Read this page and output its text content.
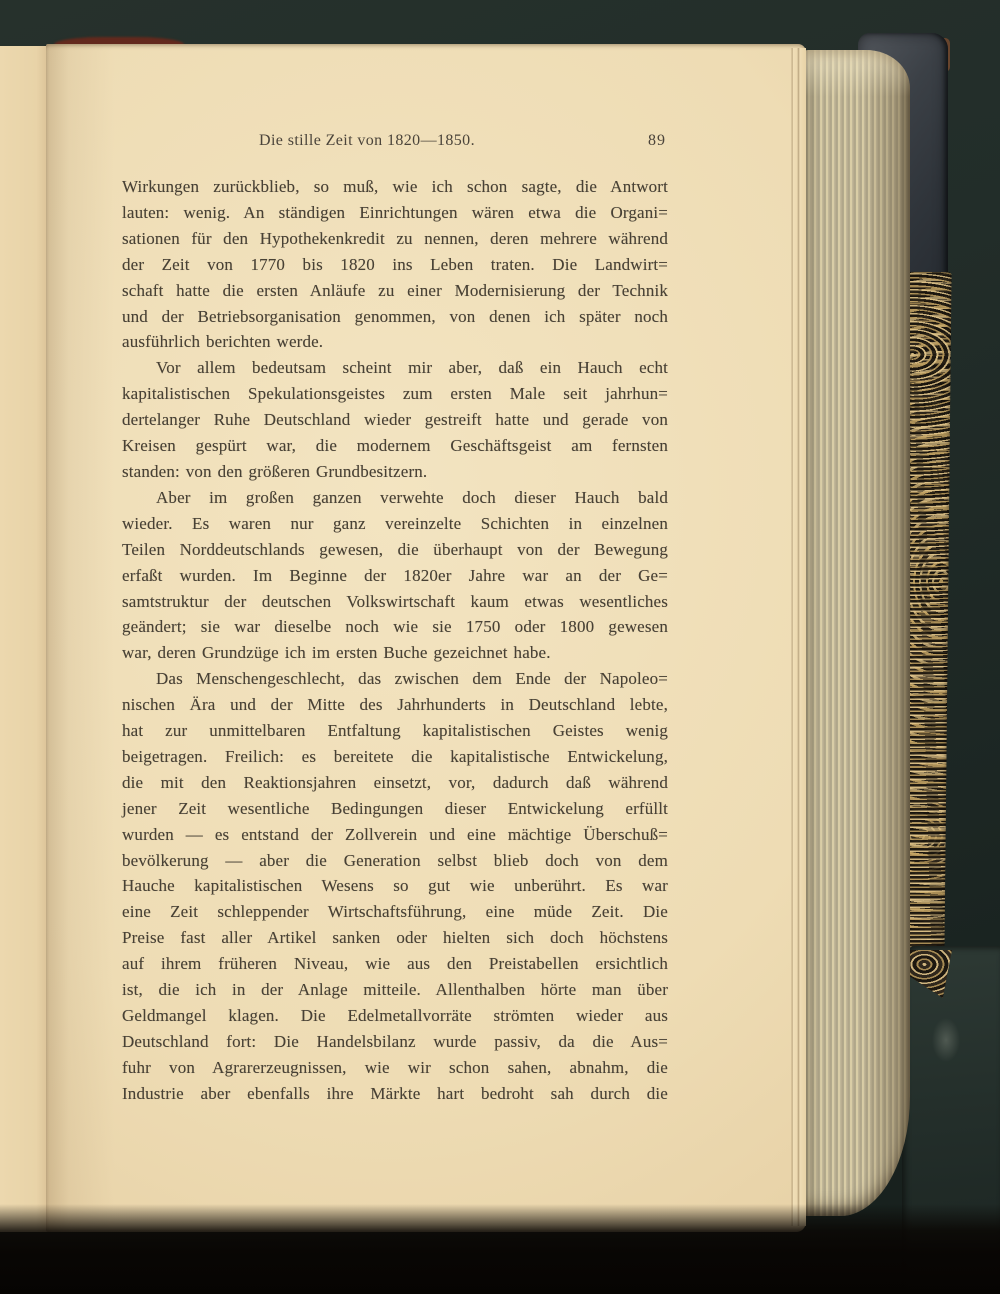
Die stille Zeit von 1820—1850.	89
Wirkungen zurückblieb, so muß, wie ich schon sagte, die Antwort
lauten: wenig. An ständigen Einrichtungen wären etwa die Organi=
sationen für den Hypothekenkredit zu nennen, deren mehrere während
der Zeit von 1770 bis 1820 ins Leben traten. Die Landwirt=
schaft hatte die ersten Anläufe zu einer Modernisierung der Technik
und der Betriebsorganisation genommen, von denen ich später noch
ausführlich berichten werde.
Vor allem bedeutsam scheint mir aber, daß ein Hauch echt
kapitalistischen Spekulationsgeistes zum ersten Male seit jahrhun=
dertelanger Ruhe Deutschland wieder gestreift hatte und gerade von
Kreisen gespürt war, die modernem Geschäftsgeist am fernsten
standen: von den größeren Grundbesitzern.
Aber im großen ganzen verwehte doch dieser Hauch bald
wieder. Es waren nur ganz vereinzelte Schichten in einzelnen
Teilen Norddeutschlands gewesen, die überhaupt von der Bewegung
erfaßt wurden. Im Beginne der 1820er Jahre war an der Ge=
samtstruktur der deutschen Volkswirtschaft kaum etwas wesentliches
geändert; sie war dieselbe noch wie sie 1750 oder 1800 gewesen
war, deren Grundzüge ich im ersten Buche gezeichnet habe.
Das Menschengeschlecht, das zwischen dem Ende der Napoleo=
nischen Ära und der Mitte des Jahrhunderts in Deutschland lebte,
hat zur unmittelbaren Entfaltung kapitalistischen Geistes wenig
beigetragen. Freilich: es bereitete die kapitalistische Entwickelung,
die mit den Reaktionsjahren einsetzt, vor, dadurch daß während
jener Zeit wesentliche Bedingungen dieser Entwickelung erfüllt
wurden — es entstand der Zollverein und eine mächtige Überschuß=
bevölkerung — aber die Generation selbst blieb doch von dem
Hauche kapitalistischen Wesens so gut wie unberührt. Es war
eine Zeit schleppender Wirtschaftsführung, eine müde Zeit. Die
Preise fast aller Artikel sanken oder hielten sich doch höchstens
auf ihrem früheren Niveau, wie aus den Preistabellen ersichtlich
ist, die ich in der Anlage mitteile. Allenthalben hörte man über
Geldmangel klagen. Die Edelmetallvorräte strömten wieder aus
Deutschland fort: Die Handelsbilanz wurde passiv, da die Aus=
fuhr von Agrarerzeugnissen, wie wir schon sahen, abnahm, die
Industrie aber ebenfalls ihre Märkte hart bedroht sah durch die
